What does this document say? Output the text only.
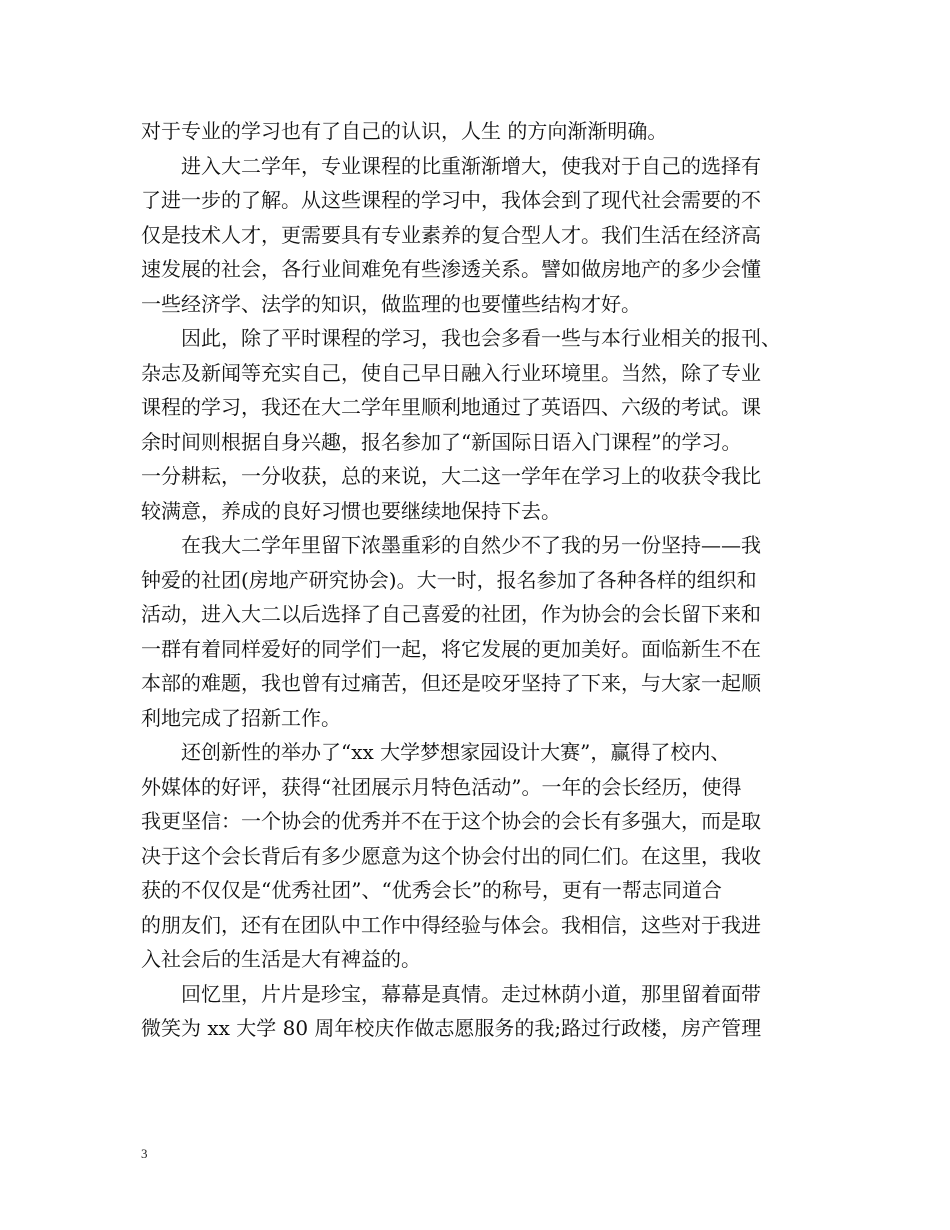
对于专业的学习也有了自己的认识，人生 的方向渐渐明确。
　　进入大二学年，专业课程的比重渐渐增大，使我对于自己的选择有
了进一步的了解。从这些课程的学习中，我体会到了现代社会需要的不
仅是技术人才，更需要具有专业素养的复合型人才。我们生活在经济高
速发展的社会，各行业间难免有些渗透关系。譬如做房地产的多少会懂
一些经济学、法学的知识，做监理的也要懂些结构才好。
　　因此，除了平时课程的学习，我也会多看一些与本行业相关的报刊、
杂志及新闻等充实自己，使自己早日融入行业环境里。当然，除了专业
课程的学习，我还在大二学年里顺利地通过了英语四、六级的考试。课
余时间则根据自身兴趣，报名参加了“新国际日语入门课程”的学习。
一分耕耘，一分收获，总的来说，大二这一学年在学习上的收获令我比
较满意，养成的良好习惯也要继续地保持下去。
　　在我大二学年里留下浓墨重彩的自然少不了我的另一份坚持——我
钟爱的社团(房地产研究协会)。大一时，报名参加了各种各样的组织和
活动，进入大二以后选择了自己喜爱的社团，作为协会的会长留下来和
一群有着同样爱好的同学们一起，将它发展的更加美好。面临新生不在
本部的难题，我也曾有过痛苦，但还是咬牙坚持了下来，与大家一起顺
利地完成了招新工作。
　　还创新性的举办了“xx 大学梦想家园设计大赛”，赢得了校内、
外媒体的好评，获得“社团展示月特色活动”。一年的会长经历，使得
我更坚信：一个协会的优秀并不在于这个协会的会长有多强大，而是取
决于这个会长背后有多少愿意为这个协会付出的同仁们。在这里，我收
获的不仅仅是“优秀社团”、“优秀会长”的称号，更有一帮志同道合
的朋友们，还有在团队中工作中得经验与体会。我相信，这些对于我进
入社会后的生活是大有裨益的。
　　回忆里，片片是珍宝，幕幕是真情。走过林荫小道，那里留着面带
微笑为 xx 大学 80 周年校庆作做志愿服务的我;路过行政楼，房产管理
3
